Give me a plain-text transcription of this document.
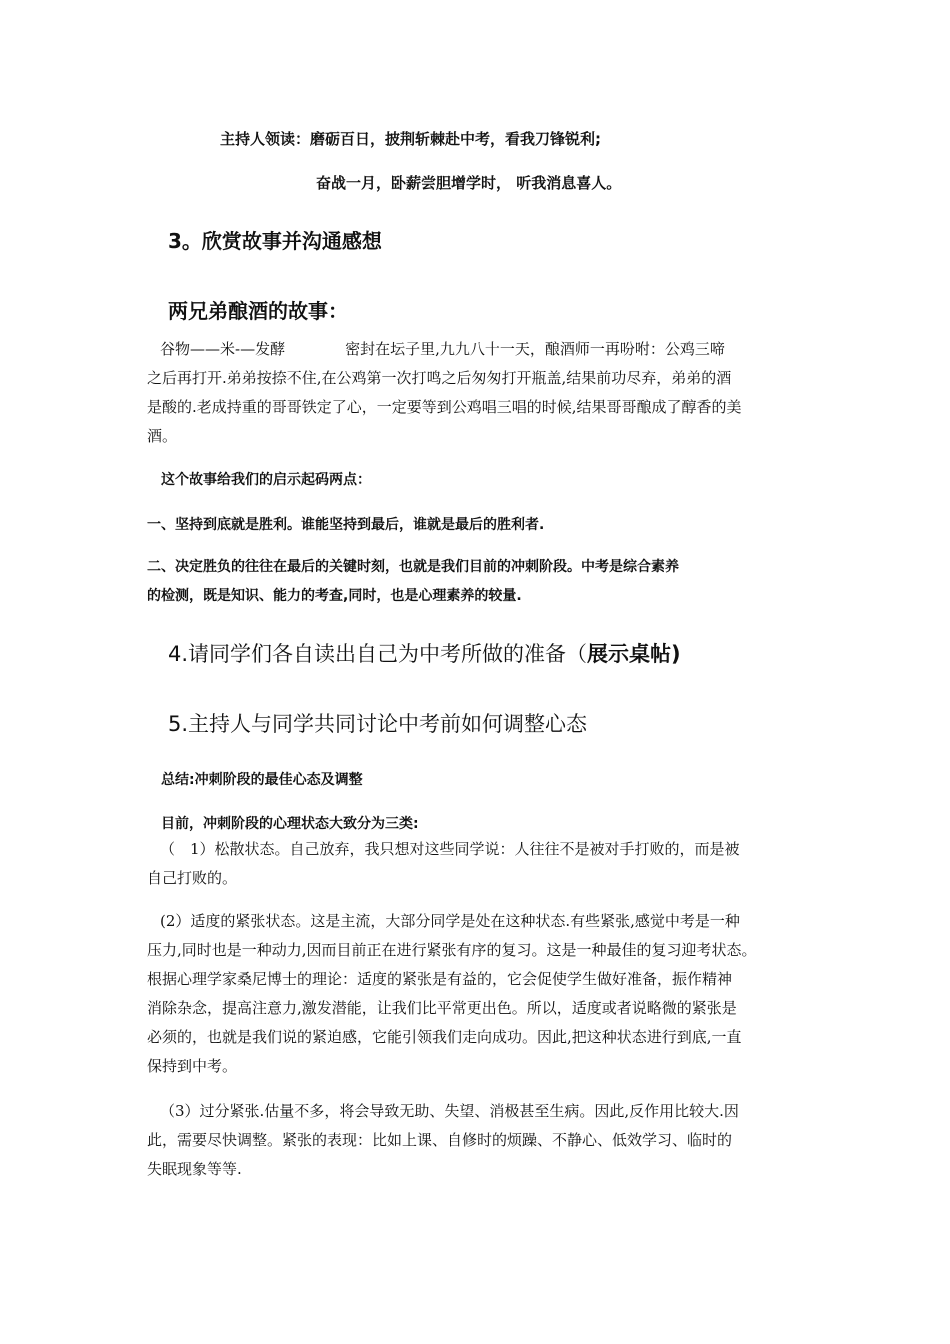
主持人领读：磨砺百日，披荆斩棘赴中考，看我刀锋锐利;
奋战一月，卧薪尝胆增学时， 听我消息喜人。
3。欣赏故事并沟通感想
两兄弟酿酒的故事：
谷物——米-—发酵　　　　密封在坛子里,九九八十一天，酿酒师一再吩咐：公鸡三啼
之后再打开.弟弟按捺不住,在公鸡第一次打鸣之后匆匆打开瓶盖,结果前功尽弃，弟弟的酒
是酸的.老成持重的哥哥铁定了心，一定要等到公鸡唱三唱的时候,结果哥哥酿成了醇香的美
酒。
这个故事给我们的启示起码两点：
一、坚持到底就是胜利。谁能坚持到最后，谁就是最后的胜利者.
二、决定胜负的往往在最后的关键时刻，也就是我们目前的冲刺阶段。中考是综合素养
的检测，既是知识、能力的考查,同时，也是心理素养的较量.
4.请同学们各自读出自己为中考所做的准备（展示桌帖)
5.主持人与同学共同讨论中考前如何调整心态
总结:冲刺阶段的最佳心态及调整
目前，冲刺阶段的心理状态大致分为三类:
（　1）松散状态。自己放弃，我只想对这些同学说：人往往不是被对手打败的，而是被
自己打败的。
(2）适度的紧张状态。这是主流，大部分同学是处在这种状态.有些紧张,感觉中考是一种
压力,同时也是一种动力,因而目前正在进行紧张有序的复习。这是一种最佳的复习迎考状态。
根据心理学家桑尼博士的理论：适度的紧张是有益的，它会促使学生做好准备，振作精神
消除杂念，提高注意力,激发潜能，让我们比平常更出色。所以，适度或者说略微的紧张是
必须的，也就是我们说的紧迫感，它能引领我们走向成功。因此,把这种状态进行到底,一直
保持到中考。
（3）过分紧张.估量不多，将会导致无助、失望、消极甚至生病。因此,反作用比较大.因
此，需要尽快调整。紧张的表现：比如上课、自修时的烦躁、不静心、低效学习、临时的
失眠现象等等.
